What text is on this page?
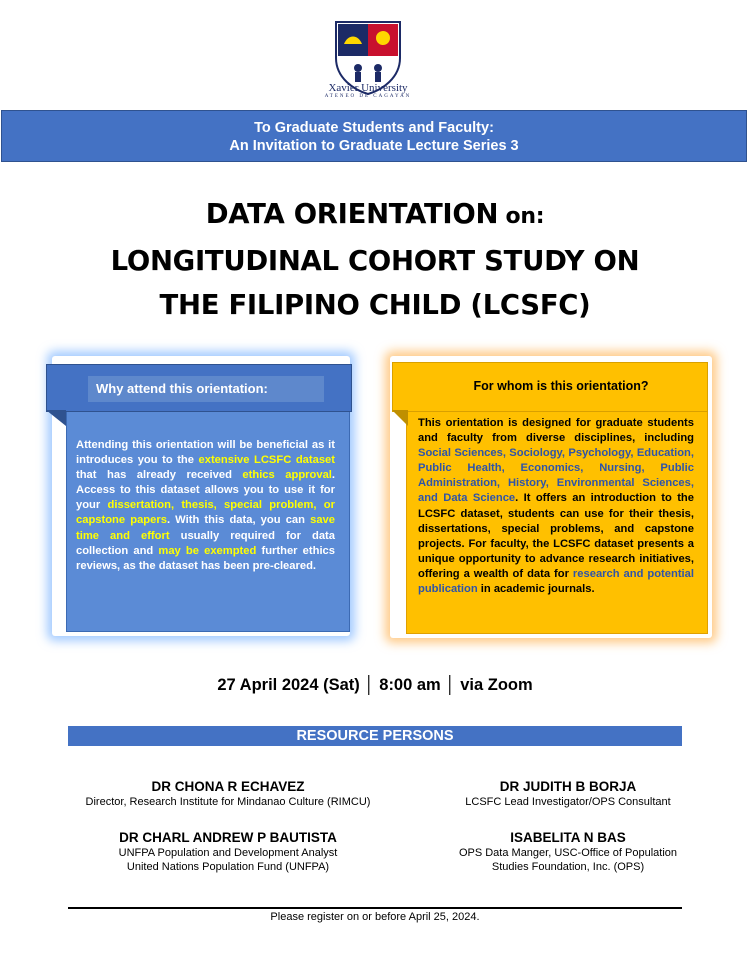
Xavier University
ATENEO DE CAGAYAN
To Graduate Students and Faculty:
An Invitation to Graduate Lecture Series 3
DATA ORIENTATION on:
LONGITUDINAL COHORT STUDY ON
THE FILIPINO CHILD (LCSFC)
Why attend this orientation:
Attending this orientation will be beneficial as it introduces you to the extensive LCSFC dataset that has already received ethics approval. Access to this dataset allows you to use it for your dissertation, thesis, special problem, or capstone papers. With this data, you can save time and effort usually required for data collection and may be exempted further ethics reviews, as the dataset has been pre-cleared.
For whom is this orientation?
This orientation is designed for graduate students and faculty from diverse disciplines, including Social Sciences, Sociology, Psychology, Education, Public Health, Economics, Nursing, Public Administration, History, Environmental Sciences, and Data Science. It offers an introduction to the LCSFC dataset, students can use for their thesis, dissertations, special problems, and capstone projects. For faculty, the LCSFC dataset presents a unique opportunity to advance research initiatives, offering a wealth of data for research and potential publication in academic journals.
27 April 2024 (Sat) │ 8:00 am │ via Zoom
RESOURCE PERSONS
DR CHONA R ECHAVEZ
Director, Research Institute for Mindanao Culture (RIMCU)
DR JUDITH B BORJA
LCSFC Lead Investigator/OPS Consultant
DR CHARL ANDREW P BAUTISTA
UNFPA Population and Development Analyst
United Nations Population Fund (UNFPA)
ISABELITA N BAS
OPS Data Manger, USC-Office of Population
Studies Foundation, Inc. (OPS)
Please register on or before April 25, 2024.
